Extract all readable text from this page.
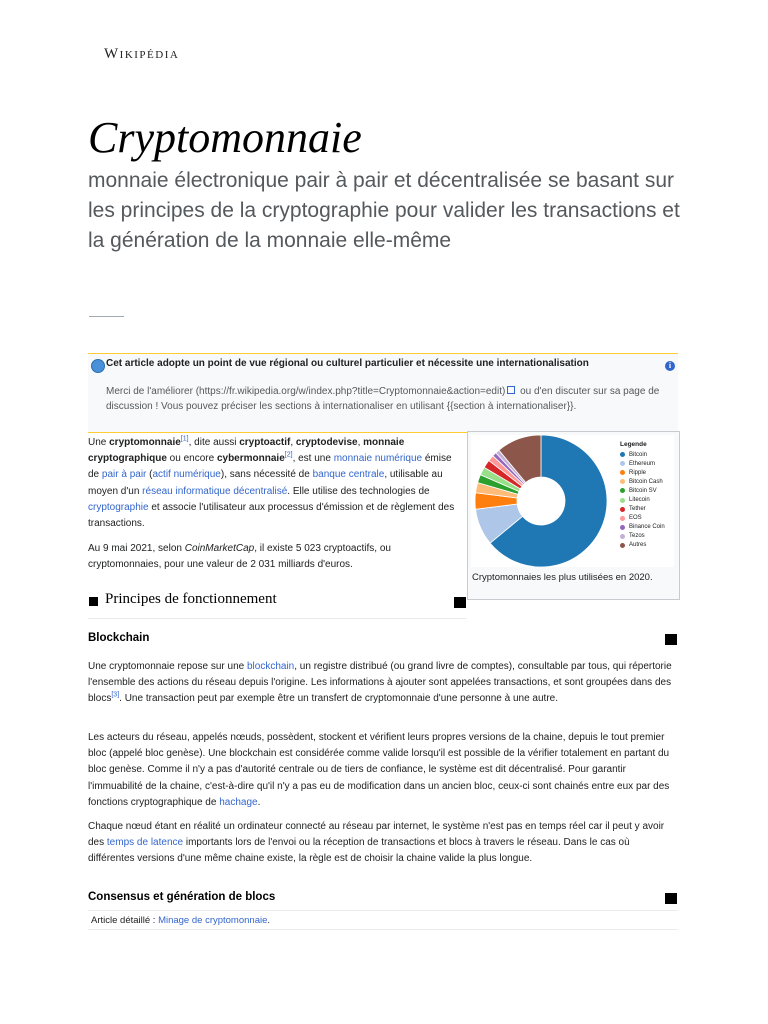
Wikipédia
Cryptomonnaie
monnaie électronique pair à pair et décentralisée se basant sur les principes de la cryptographie pour valider les transactions et la génération de la monnaie elle-même
Cet article adopte un point de vue régional ou culturel particulier et nécessite une internationalisation	i
Merci de l'améliorer (https://fr.wikipedia.org/w/index.php?title=Cryptomonnaie&action=edit) ou d'en discuter sur sa page de discussion ! Vous pouvez préciser les sections à internationaliser en utilisant {{section à internationaliser}}.
Une cryptomonnaie[1], dite aussi cryptoactif, cryptodevise, monnaie cryptographique ou encore cybermonnaie[2], est une monnaie numérique émise de pair à pair (actif numérique), sans nécessité de banque centrale, utilisable au moyen d'un réseau informatique décentralisé. Elle utilise des technologies de cryptographie et associe l'utilisateur aux processus d'émission et de règlement des transactions.
Au 9 mai 2021, selon CoinMarketCap, il existe 5 023 cryptoactifs, ou cryptomonnaies, pour une valeur de 2 031 milliards d'euros.
Legende
Bitcoin
Ethereum
Ripple
Bitcoin Cash
Bitcoin SV
Litecoin
Tether
EOS
Binance Coin
Tezos
Autres
Cryptomonnaies les plus utilisées en 2020.
Principes de fonctionnement
Blockchain
Une cryptomonnaie repose sur une blockchain, un registre distribué (ou grand livre de comptes), consultable par tous, qui répertorie l'ensemble des actions du réseau depuis l'origine. Les informations à ajouter sont appelées transactions, et sont groupées dans des blocs[3]. Une transaction peut par exemple être un transfert de cryptomonnaie d'une personne à une autre.
Les acteurs du réseau, appelés nœuds, possèdent, stockent et vérifient leurs propres versions de la chaine, depuis le tout premier bloc (appelé bloc genèse). Une blockchain est considérée comme valide lorsqu'il est possible de la vérifier totalement en partant du bloc genèse. Comme il n'y a pas d'autorité centrale ou de tiers de confiance, le système est dit décentralisé. Pour garantir l'immuabilité de la chaine, c'est-à-dire qu'il n'y a pas eu de modification dans un ancien bloc, ceux-ci sont chainés entre eux par des fonctions cryptographique de hachage.
Chaque nœud étant en réalité un ordinateur connecté au réseau par internet, le système n'est pas en temps réel car il peut y avoir des temps de latence importants lors de l'envoi ou la réception de transactions et blocs à travers le réseau. Dans le cas où différentes versions d'une même chaine existe, la règle est de choisir la chaine valide la plus longue.
Consensus et génération de blocs
Article détaillé : Minage de cryptomonnaie.
